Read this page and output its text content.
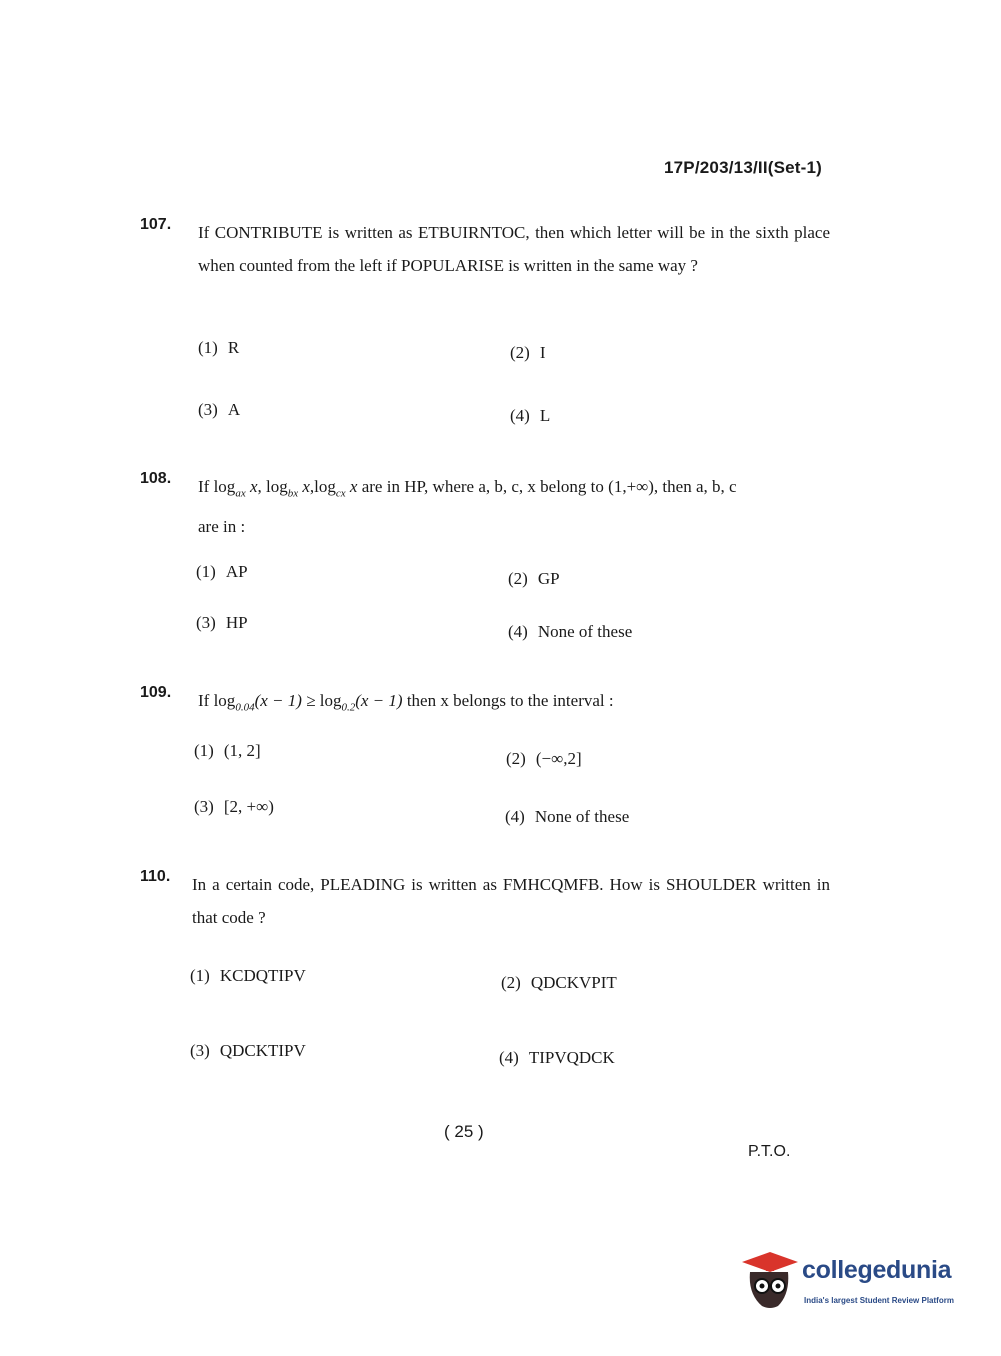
17P/203/13/II(Set-1)
107. If CONTRIBUTE is written as ETBUIRNTOC, then which letter will be in the sixth place when counted from the left if POPULARISE is written in the same way ?
(1) R	(2) I
(3) A	(4) L
108. If $\log_{ax} x$, $\log_{bx} x,\log_{cx}$ x are in HP, where a, b, c, x belong to (1,+∞), then a, b, c
are in :
(1) AP	(2) GP
(3) HP	(4) None of these
109. If $\log_{0.04}(x - 1) \ge \log_{0.2}(x - 1)$ then x belongs to the interval :
(1) (1, 2]	(2) (−∞,2]
(3) [2, +∞)
(4) None of these
110. In a certain code, PLEADING is written as FMHCQMFB. How is SHOULDER written in that code ?
(1) KCDQTIPV	(2) QDCKVPIT
(3) QDCKTIPV	(4) TIPVQDCK
( 25 )
P.T.O.
collegedunia
India's largest Student Review Platform
